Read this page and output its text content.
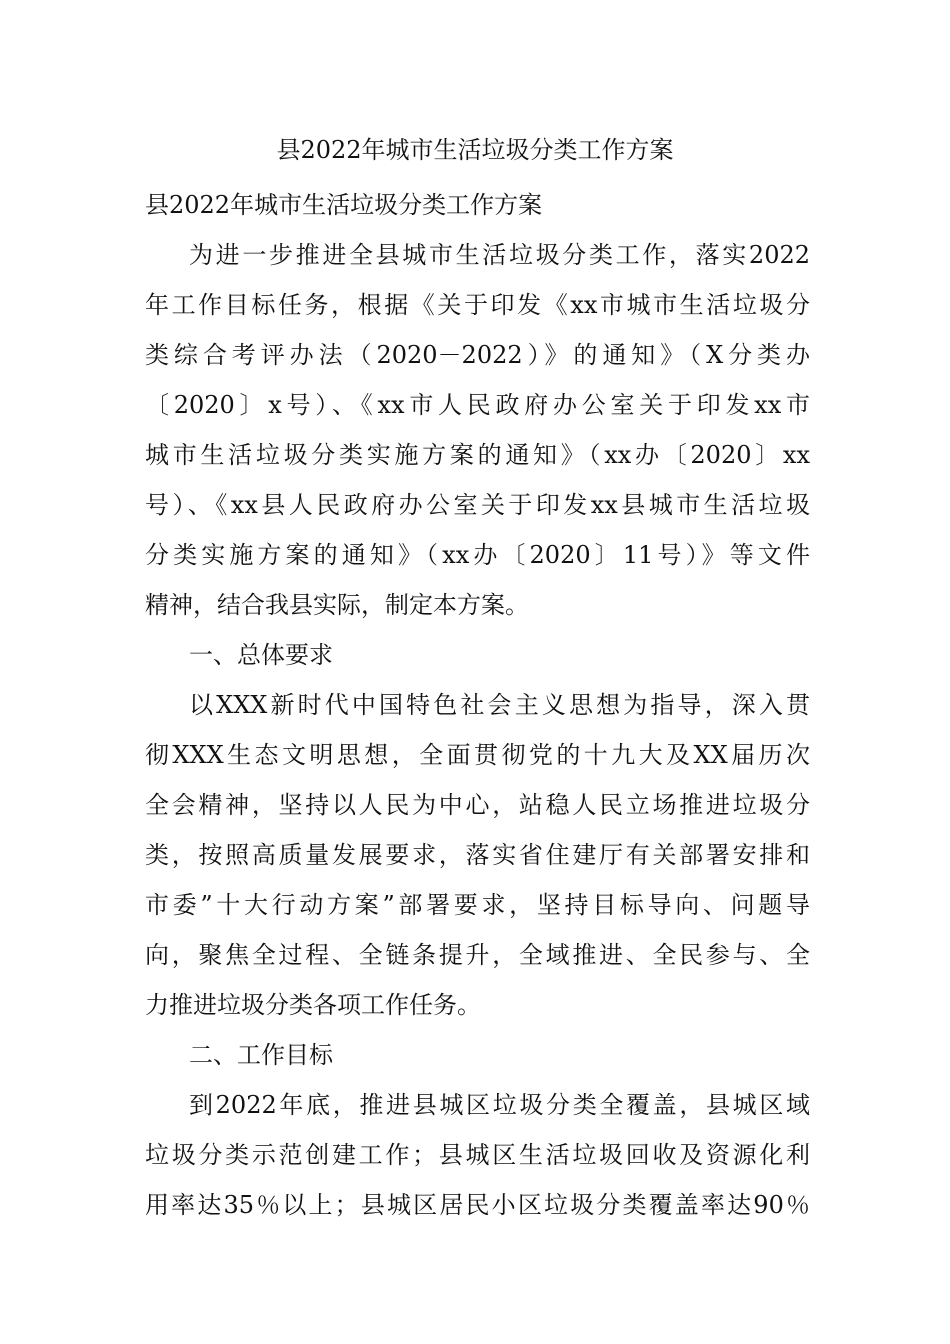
县2022年城市生活垃圾分类工作方案
县2022年城市生活垃圾分类工作方案
为进一步推进全县城市生活垃圾分类工作，落实2022
年工作目标任务，根据《关于印发《xx市城市生活垃圾分
类综合考评办法（2020－2022）》的通知》（X分类办
〔2020〕x号）、《xx市人民政府办公室关于印发xx市
城市生活垃圾分类实施方案的通知》（xx办〔2020〕xx
号）、《xx县人民政府办公室关于印发xx县城市生活垃圾
分类实施方案的通知》（xx办〔2020〕11号）》等文件
精神，结合我县实际，制定本方案。
一、总体要求
以XXX新时代中国特色社会主义思想为指导，深入贯
彻XXX生态文明思想，全面贯彻党的十九大及XX届历次
全会精神，坚持以人民为中心，站稳人民立场推进垃圾分
类，按照高质量发展要求，落实省住建厅有关部署安排和
市委”十大行动方案”部署要求，坚持目标导向、问题导
向，聚焦全过程、全链条提升，全域推进、全民参与、全
力推进垃圾分类各项工作任务。
二、工作目标
到2022年底，推进县城区垃圾分类全覆盖，县城区域
垃圾分类示范创建工作；县城区生活垃圾回收及资源化利
用率达35％以上；县城区居民小区垃圾分类覆盖率达90％
